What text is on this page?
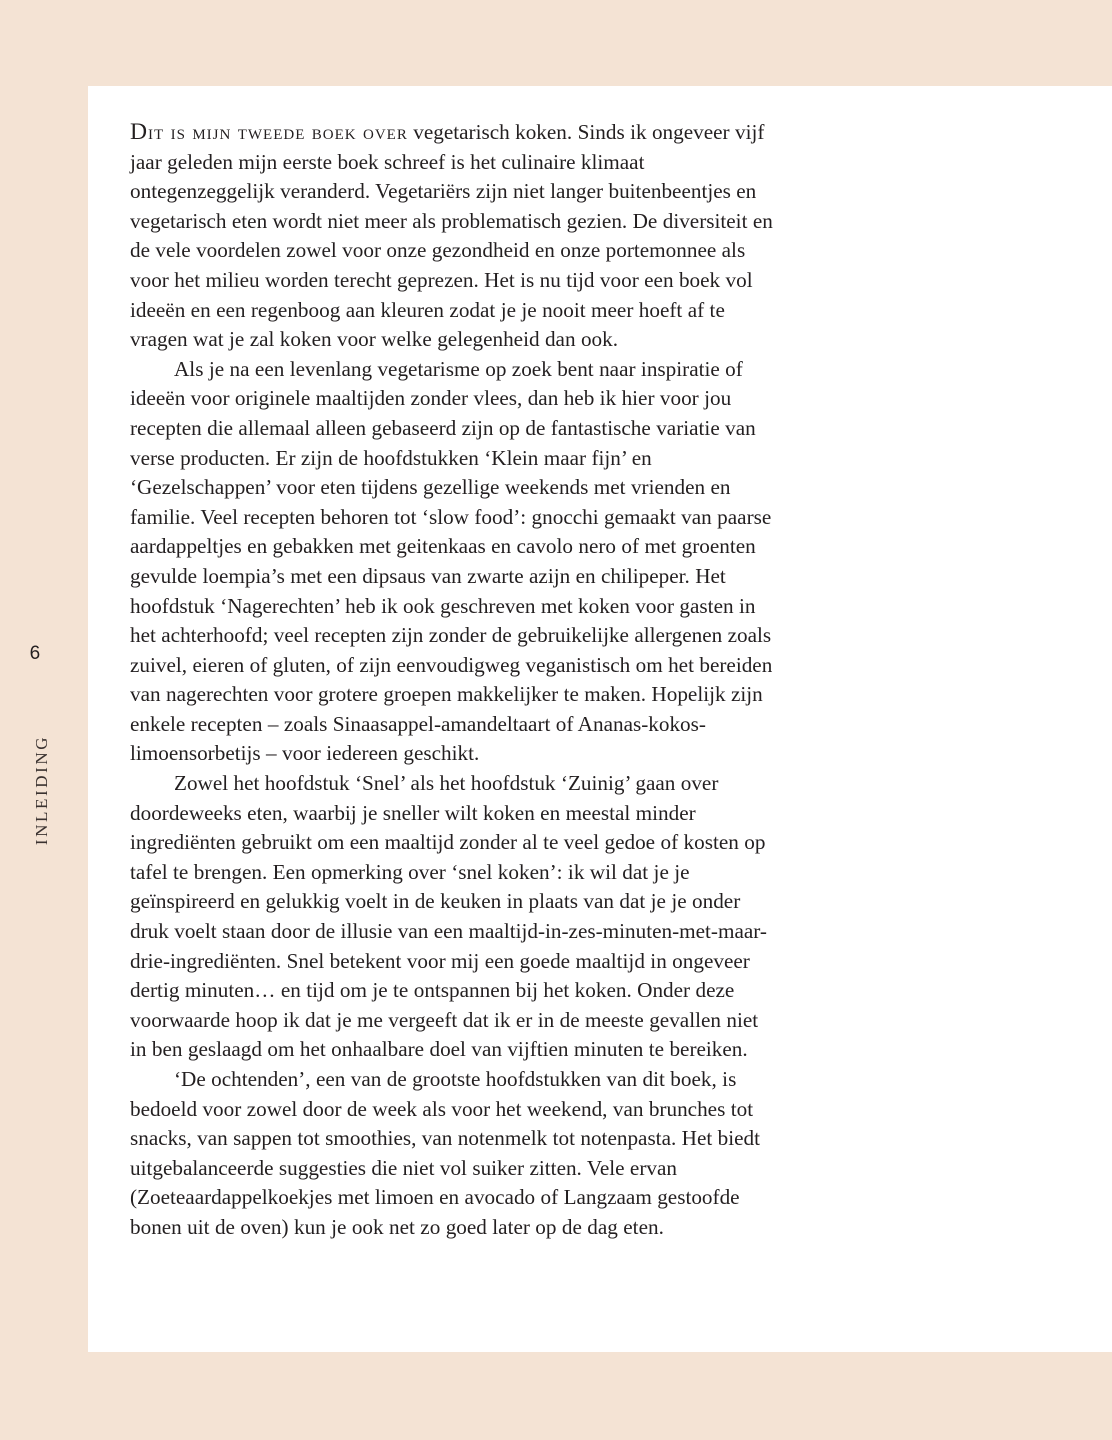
6
INLEIDING

Dit is mijn tweede boek over vegetarisch koken. Sinds ik ongeveer vijf jaar geleden mijn eerste boek schreef is het culinaire klimaat ontegenzeggelijk veranderd. Vegetariërs zijn niet langer buitenbeentjes en vegetarisch eten wordt niet meer als problematisch gezien. De diversiteit en de vele voordelen zowel voor onze gezondheid en onze portemonnee als voor het milieu worden terecht geprezen. Het is nu tijd voor een boek vol ideeën en een regenboog aan kleuren zodat je je nooit meer hoeft af te vragen wat je zal koken voor welke gelegenheid dan ook.

Als je na een levenlang vegetarisme op zoek bent naar inspiratie of ideeën voor originele maaltijden zonder vlees, dan heb ik hier voor jou recepten die allemaal alleen gebaseerd zijn op de fantastische variatie van verse producten. Er zijn de hoofdstukken ‘Klein maar fijn’ en ‘Gezelschappen’ voor eten tijdens gezellige weekends met vrienden en familie. Veel recepten behoren tot ‘slow food’: gnocchi gemaakt van paarse aardappeltjes en gebakken met geitenkaas en cavolo nero of met groenten gevulde loempia’s met een dipsaus van zwarte azijn en chilipeper. Het hoofdstuk ‘Nagerechten’ heb ik ook geschreven met koken voor gasten in het achterhoofd; veel recepten zijn zonder de gebruikelijke allergenen zoals zuivel, eieren of gluten, of zijn eenvoudigweg veganistisch om het bereiden van nagerechten voor grotere groepen makkelijker te maken. Hopelijk zijn enkele recepten – zoals Sinaasappel-amandeltaart of Ananas-kokos-limoensorbetijs – voor iedereen geschikt.

Zowel het hoofdstuk ‘Snel’ als het hoofdstuk ‘Zuinig’ gaan over doordeweeks eten, waarbij je sneller wilt koken en meestal minder ingrediënten gebruikt om een maaltijd zonder al te veel gedoe of kosten op tafel te brengen. Een opmerking over ‘snel koken’: ik wil dat je je geïnspireerd en gelukkig voelt in de keuken in plaats van dat je je onder druk voelt staan door de illusie van een maaltijd-in-zes-minuten-met-maar-drie-ingrediënten. Snel betekent voor mij een goede maaltijd in ongeveer dertig minuten… en tijd om je te ontspannen bij het koken. Onder deze voorwaarde hoop ik dat je me vergeeft dat ik er in de meeste gevallen niet in ben geslaagd om het onhaalbare doel van vijftien minuten te bereiken.

‘De ochtenden’, een van de grootste hoofdstukken van dit boek, is bedoeld voor zowel door de week als voor het weekend, van brunches tot snacks, van sappen tot smoothies, van notenmelk tot notenpasta. Het biedt uitgebalanceerde suggesties die niet vol suiker zitten. Vele ervan (Zoeteaardappelkoekjes met limoen en avocado of Langzaam gestoofde bonen uit de oven) kun je ook net zo goed later op de dag eten.
